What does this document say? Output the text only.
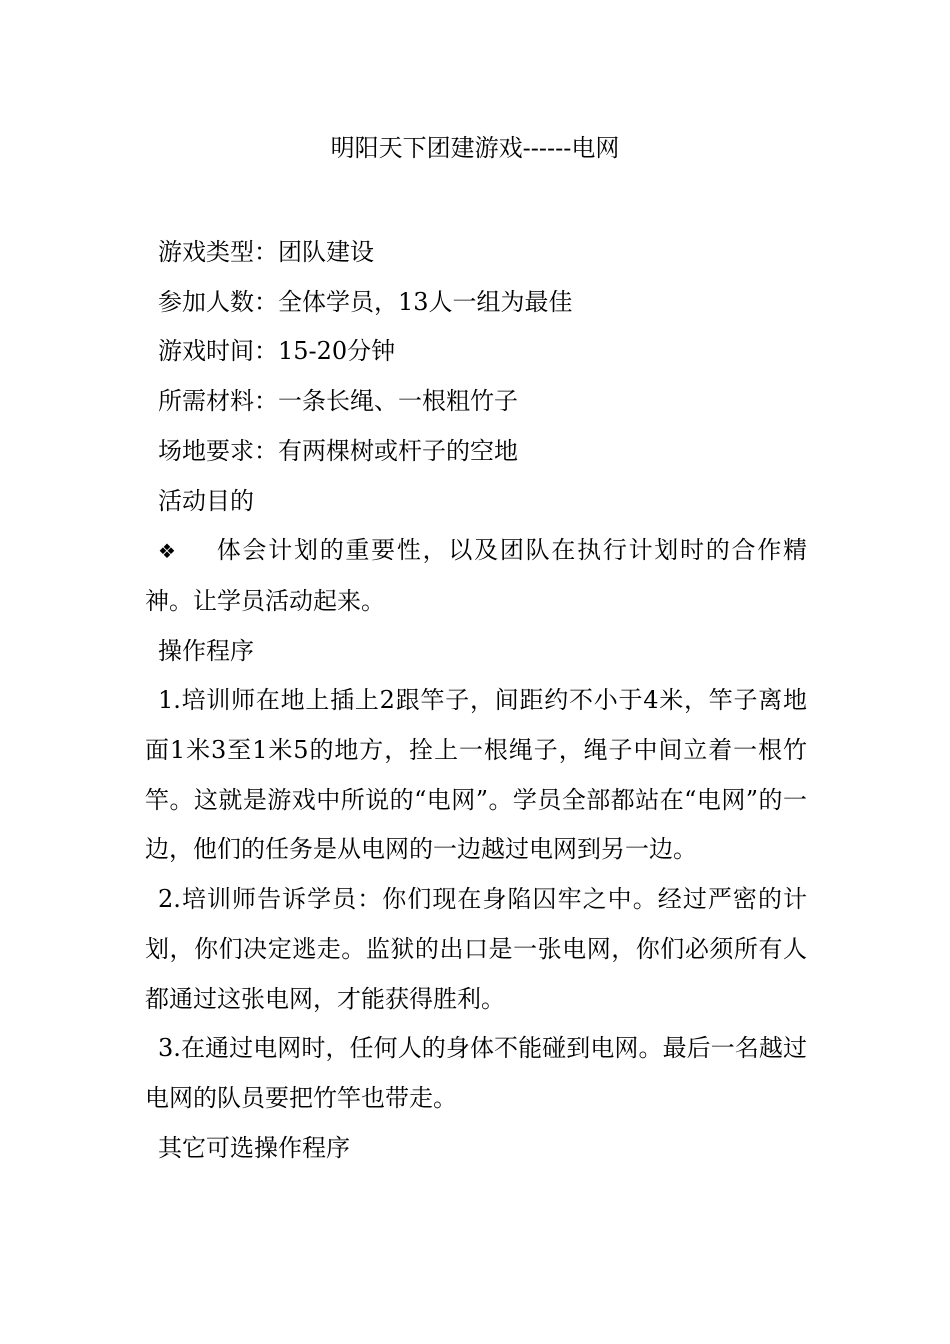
明阳天下团建游戏------电网

游戏类型：团队建设

参加人数：全体学员，13人一组为最佳

游戏时间：15-20分钟

所需材料：一条长绳、一根粗竹子

场地要求：有两棵树或杆子的空地

活动目的

❖ 体会计划的重要性，以及团队在执行计划时的合作精神。让学员活动起来。

操作程序

1.培训师在地上插上2跟竿子，间距约不小于4米，竿子离地面1米3至1米5的地方，拴上一根绳子，绳子中间立着一根竹竿。这就是游戏中所说的“电网”。学员全部都站在“电网”的一边，他们的任务是从电网的一边越过电网到另一边。

2.培训师告诉学员：你们现在身陷囚牢之中。经过严密的计划，你们决定逃走。监狱的出口是一张电网，你们必须所有人都通过这张电网，才能获得胜利。

3.在通过电网时，任何人的身体不能碰到电网。最后一名越过电网的队员要把竹竿也带走。

其它可选操作程序
